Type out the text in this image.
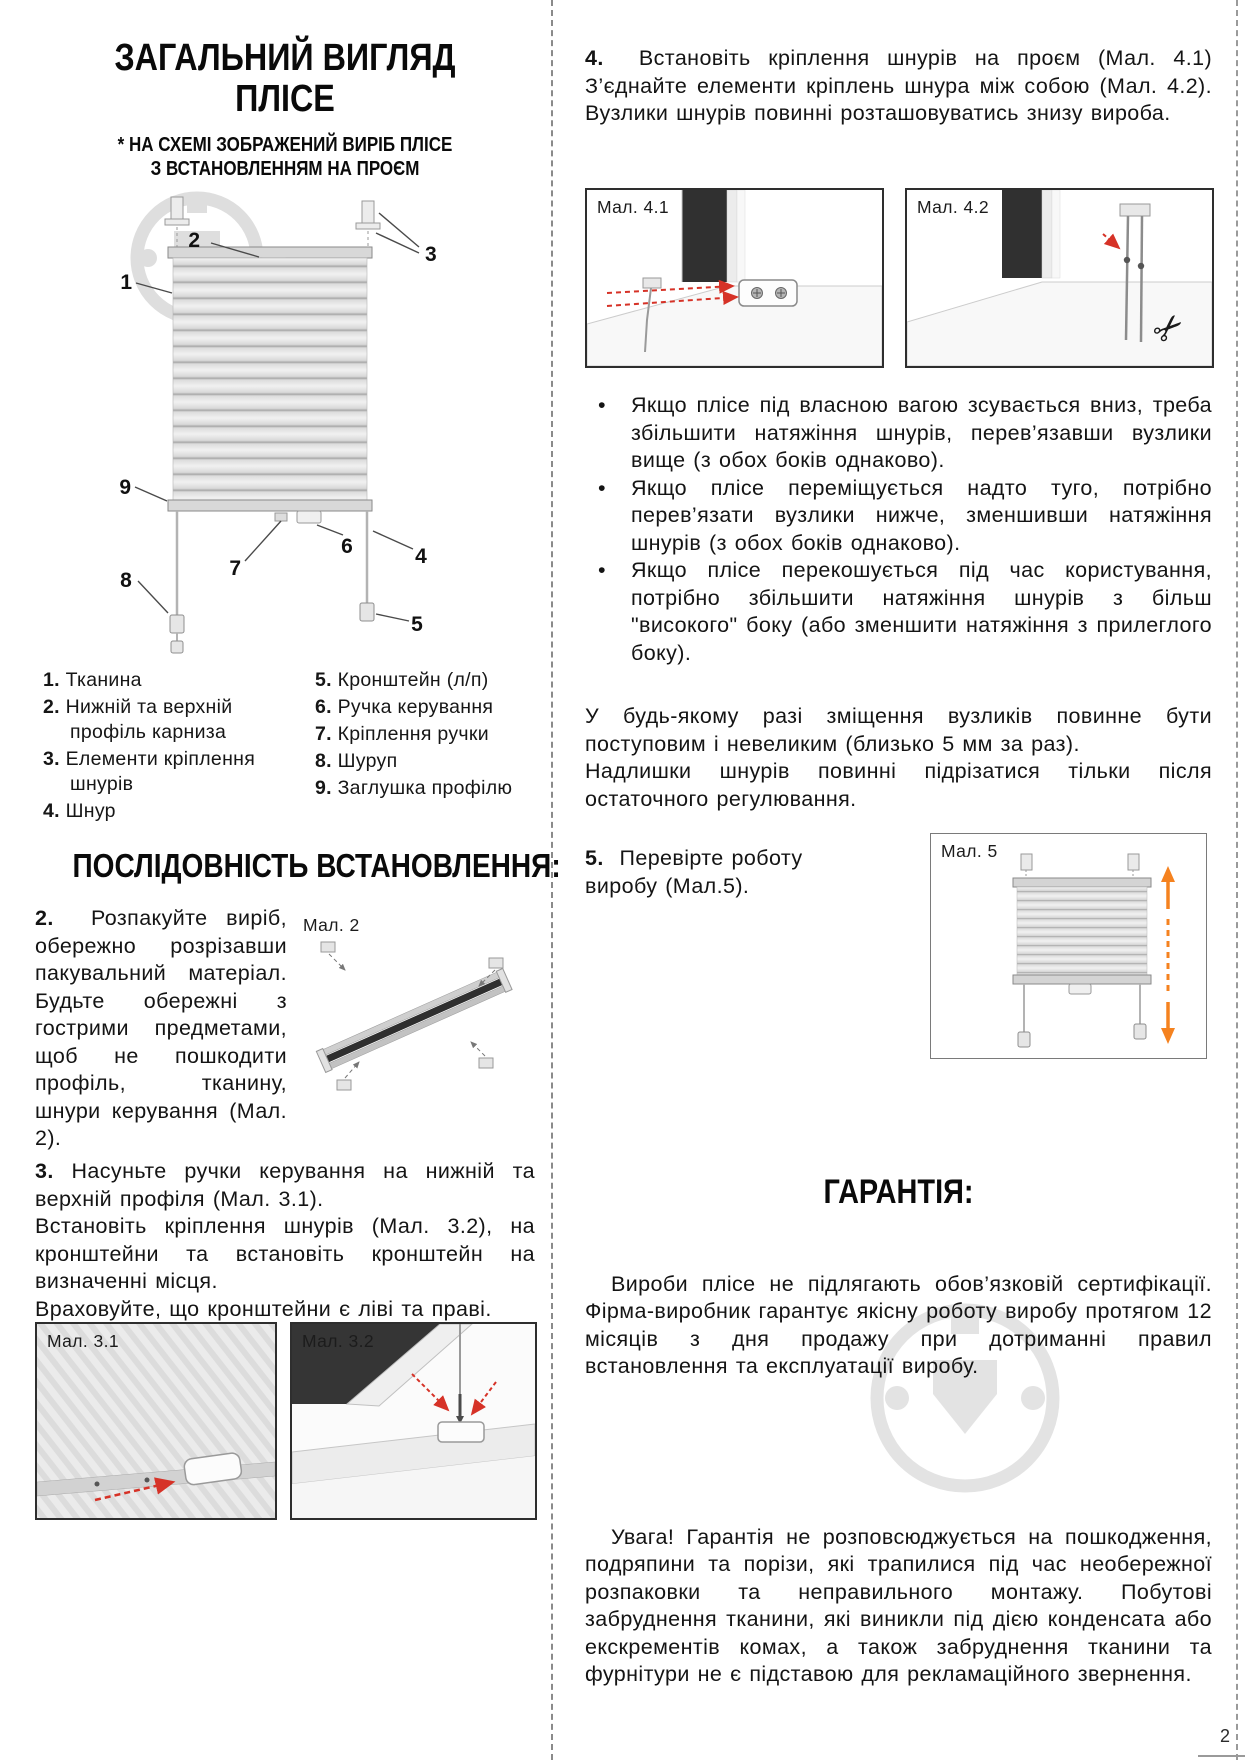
ЗАГАЛЬНИЙ ВИГЛЯД
ПЛІСЕ
* НА СХЕМІ ЗОБРАЖЕНИЙ ВИРІБ ПЛІСЕ
З ВСТАНОВЛЕННЯМ НА ПРОЄМ
2
3
1
9
7
6	4
8
5
1. Тканина
2. Нижній та верхній профіль карниза
3. Елементи кріплення шнурів
4. Шнур
5. Кронштейн (л/п)
6. Ручка керування
7. Кріплення ручки
8. Шуруп
9. Заглушка профілю
ПОСЛІДОВНІСТЬ ВСТАНОВЛЕННЯ:
2. Розпакуйте виріб, обережно розрізавши пакувальний матеріал. Будьте обережні з гострими предметами, щоб не пошкодити профіль, тканину, шнури керування (Мал. 2).
Мал. 2

3. Насуньте ручки керування на нижній та верхній профіля (Мал. 3.1).

Встановіть кріплення шнурів (Мал. 3.2), на кронштейни та встановіть кронштейн на визначенні місця.

Враховуйте, що кронштейни є ліві та праві.

Мал. 3.1	Мал. 3.2
4. Встановіть кріплення шнурів на проєм (Мал. 4.1) З’єднайте елементи кріплень шнура між собою (Мал. 4.2). Вузлики шнурів повинні розташовуватись знизу вироба.
Мал. 4.1	Мал. 4.2
✂
• Якщо плісе під власною вагою зсувається вниз, треба збільшити натяжіння шнурів, перев’язавши вузлики вище (з обох боків однаково).
• Якщо плісе переміщується надто туго, потрібно перев’язати вузлики нижче, зменшивши натяжіння шнурів (з обох боків однаково).
• Якщо плісе перекошується під час користування, потрібно збільшити натяжіння шнурів з більш "високого" боку (або зменшити натяжіння з прилеглого боку).

У будь-якому разі зміщення вузликів повинне бути поступовим і невеликим (близько 5 мм за раз).

Надлишки шнурів повинні підрізатися тільки після остаточного регулювання.

5. Перевірте роботу виробу (Мал.5).
Мал. 5
ГАРАНТІЯ:
Вироби плісе не підлягають обов’язковій сертифікації. Фірма-виробник гарантує якісну роботу виробу протягом 12 місяців з дня продажу при дотриманні правил встановлення та експлуатації виробу.
Увага! Гарантія не розповсюджується на пошкодження, подряпини та порізи, які трапилися під час необережної розпаковки та неправильного монтажу. Побутові забруднення тканини, які виникли під дією конденсата або екскрементів комах, а також забруднення тканини та фурнітури не є підставою для рекламаційного звернення.
2
